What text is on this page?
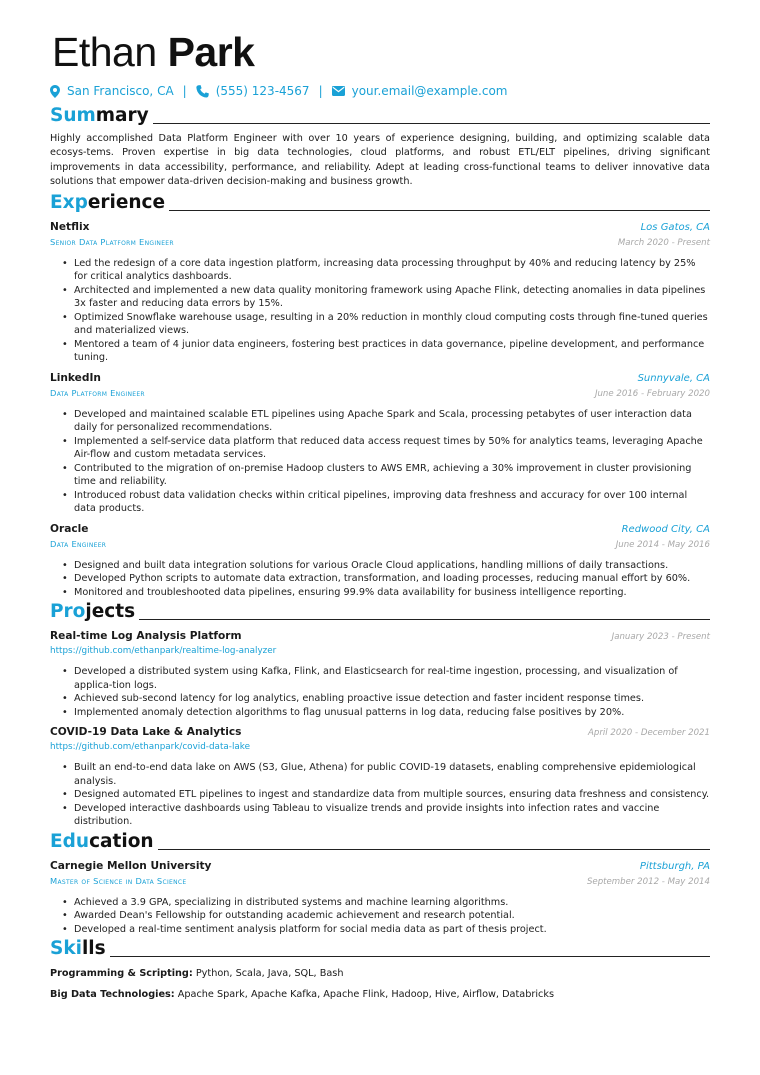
Ethan Park
San Francisco, CA | (555) 123-4567 | your.email@example.com
Summary
Highly accomplished Data Platform Engineer with over 10 years of experience designing, building, and optimizing scalable data ecosys-tems. Proven expertise in big data technologies, cloud platforms, and robust ETL/ELT pipelines, driving significant improvements in data accessibility, performance, and reliability. Adept at leading cross-functional teams to deliver innovative data solutions that empower data-driven decision-making and business growth.
Experience
Netflix	Los Gatos, CA
Senior Data Platform Engineer	March 2020 - Present
• Led the redesign of a core data ingestion platform, increasing data processing throughput by 40% and reducing latency by 25% for critical analytics dashboards.
• Architected and implemented a new data quality monitoring framework using Apache Flink, detecting anomalies in data pipelines 3x faster and reducing data errors by 15%.
• Optimized Snowflake warehouse usage, resulting in a 20% reduction in monthly cloud computing costs through fine-tuned queries and materialized views.
• Mentored a team of 4 junior data engineers, fostering best practices in data governance, pipeline development, and performance tuning.
LinkedIn	Sunnyvale, CA
Data Platform Engineer	June 2016 - February 2020
• Developed and maintained scalable ETL pipelines using Apache Spark and Scala, processing petabytes of user interaction data daily for personalized recommendations.
• Implemented a self-service data platform that reduced data access request times by 50% for analytics teams, leveraging Apache Air-flow and custom metadata services.
• Contributed to the migration of on-premise Hadoop clusters to AWS EMR, achieving a 30% improvement in cluster provisioning time and reliability.
• Introduced robust data validation checks within critical pipelines, improving data freshness and accuracy for over 100 internal data products.
Oracle	Redwood City, CA
Data Engineer	June 2014 - May 2016
• Designed and built data integration solutions for various Oracle Cloud applications, handling millions of daily transactions.
• Developed Python scripts to automate data extraction, transformation, and loading processes, reducing manual effort by 60%.
• Monitored and troubleshooted data pipelines, ensuring 99.9% data availability for business intelligence reporting.
Projects
Real-time Log Analysis Platform	January 2023 - Present
https://github.com/ethanpark/realtime-log-analyzer
• Developed a distributed system using Kafka, Flink, and Elasticsearch for real-time ingestion, processing, and visualization of applica-tion logs.
• Achieved sub-second latency for log analytics, enabling proactive issue detection and faster incident response times.
• Implemented anomaly detection algorithms to flag unusual patterns in log data, reducing false positives by 20%.
COVID-19 Data Lake & Analytics	April 2020 - December 2021
https://github.com/ethanpark/covid-data-lake
• Built an end-to-end data lake on AWS (S3, Glue, Athena) for public COVID-19 datasets, enabling comprehensive epidemiological analysis.
• Designed automated ETL pipelines to ingest and standardize data from multiple sources, ensuring data freshness and consistency.
• Developed interactive dashboards using Tableau to visualize trends and provide insights into infection rates and vaccine distribution.
Education
Carnegie Mellon University	Pittsburgh, PA
Master of Science in Data Science	September 2012 - May 2014
• Achieved a 3.9 GPA, specializing in distributed systems and machine learning algorithms.
• Awarded Dean's Fellowship for outstanding academic achievement and research potential.
• Developed a real-time sentiment analysis platform for social media data as part of thesis project.
Skills
Programming & Scripting: Python, Scala, Java, SQL, Bash
Big Data Technologies: Apache Spark, Apache Kafka, Apache Flink, Hadoop, Hive, Airflow, Databricks
